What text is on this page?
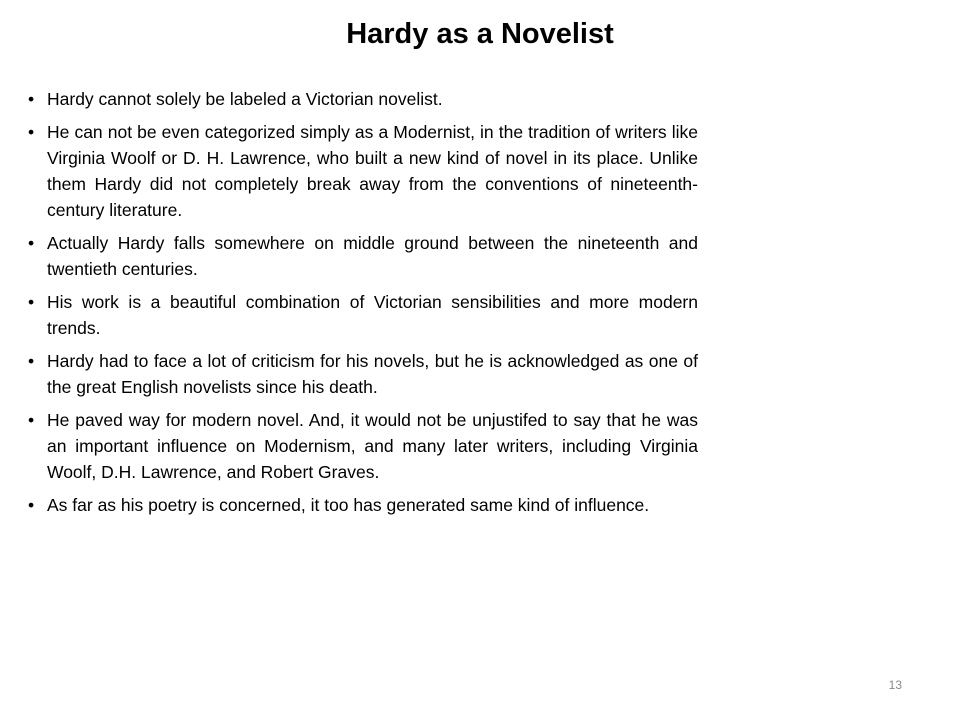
Hardy as a Novelist
• Hardy cannot solely be labeled a Victorian novelist.
• He can not be even categorized simply as a Modernist, in the tradition of writers like Virginia Woolf or D. H. Lawrence, who built a new kind of novel in its place. Unlike them Hardy did not completely break away from the conventions of nineteenth-century literature.
• Actually Hardy falls somewhere on middle ground between the nineteenth and twentieth centuries.
• His work is a beautiful combination of Victorian sensibilities and more modern trends.
• Hardy had to face a lot of criticism for his novels, but he is acknowledged as one of the great English novelists since his death.
• He paved way for modern novel. And, it would not be unjustifed to say that he was an important influence on Modernism, and many later writers, including Virginia Woolf, D.H. Lawrence, and Robert Graves.
• As far as his poetry is concerned, it too has generated same kind of influence.
13
